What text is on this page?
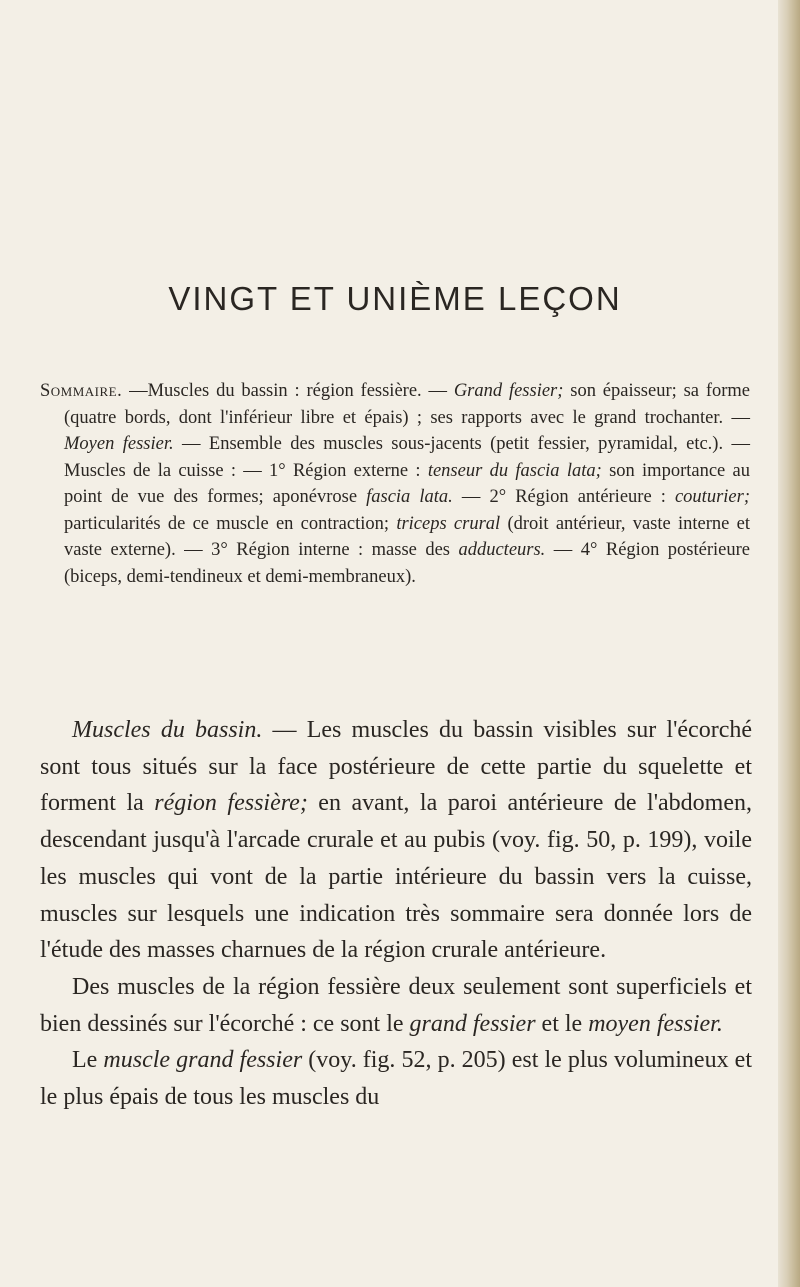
VINGT ET UNIÈME LEÇON

Sommaire. —Muscles du bassin : région fessière. — Grand fessier; son épaisseur; sa forme (quatre bords, dont l'inférieur libre et épais) ; ses rapports avec le grand trochanter. — Moyen fessier. — Ensemble des muscles sous-jacents (petit fessier, pyramidal, etc.). — Muscles de la cuisse : — 1° Région externe : tenseur du fascia lata; son importance au point de vue des formes; aponévrose fascia lata. — 2° Région antérieure : couturier; particularités de ce muscle en contraction; triceps crural (droit antérieur, vaste interne et vaste externe). — 3° Région interne : masse des adducteurs. — 4° Région postérieure (biceps, demi-tendineux et demi-membraneux).

Muscles du bassin. — Les muscles du bassin visibles sur l'écorché sont tous situés sur la face postérieure de cette partie du squelette et forment la région fessière; en avant, la paroi antérieure de l'abdomen, descendant jusqu'à l'arcade crurale et au pubis (voy. fig. 50, p. 199), voile les muscles qui vont de la partie intérieure du bassin vers la cuisse, muscles sur lesquels une indication très sommaire sera donnée lors de l'étude des masses charnues de la région crurale antérieure.

Des muscles de la région fessière deux seulement sont superficiels et bien dessinés sur l'écorché : ce sont le grand fessier et le moyen fessier.

Le muscle grand fessier (voy. fig. 52, p. 205) est le plus volumineux et le plus épais de tous les muscles du
